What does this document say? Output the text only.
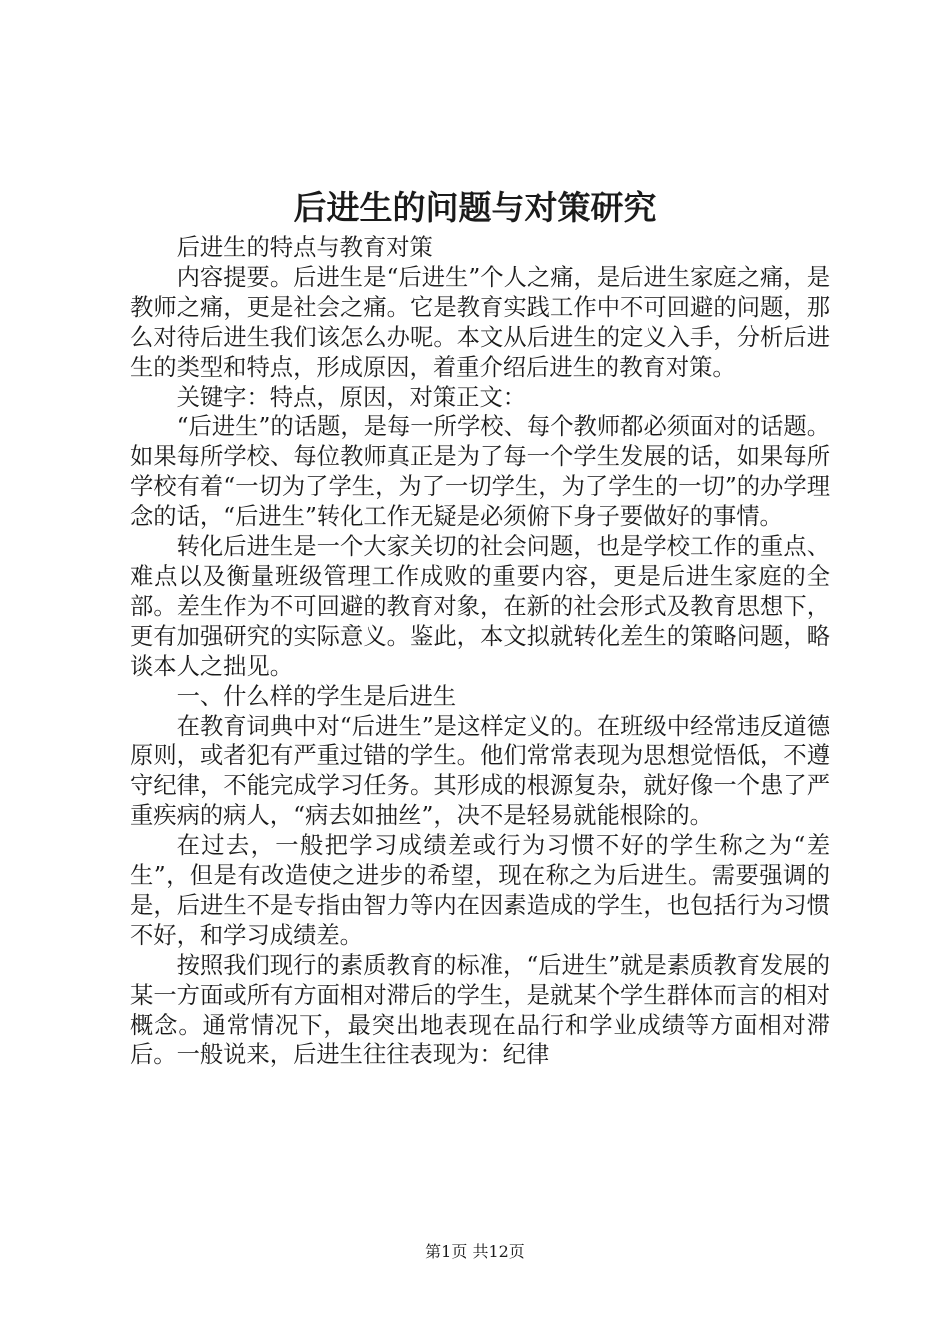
后进生的问题与对策研究

后进生的特点与教育对策

内容提要。后进生是“后进生”个人之痛，是后进生家庭之痛，是教师之痛，更是社会之痛。它是教育实践工作中不可回避的问题，那么对待后进生我们该怎么办呢。本文从后进生的定义入手，分析后进生的类型和特点，形成原因，着重介绍后进生的教育对策。

关键字：特点，原因，对策正文：

“后进生”的话题，是每一所学校、每个教师都必须面对的话题。如果每所学校、每位教师真正是为了每一个学生发展的话，如果每所学校有着“一切为了学生，为了一切学生，为了学生的一切”的办学理念的话，“后进生”转化工作无疑是必须俯下身子要做好的事情。

转化后进生是一个大家关切的社会问题，也是学校工作的重点、难点以及衡量班级管理工作成败的重要内容，更是后进生家庭的全部。差生作为不可回避的教育对象，在新的社会形式及教育思想下，更有加强研究的实际意义。鉴此，本文拟就转化差生的策略问题，略谈本人之拙见。

一、什么样的学生是后进生

在教育词典中对“后进生”是这样定义的。在班级中经常违反道德原则，或者犯有严重过错的学生。他们常常表现为思想觉悟低，不遵守纪律，不能完成学习任务。其形成的根源复杂，就好像一个患了严重疾病的病人，“病去如抽丝”，决不是轻易就能根除的。

在过去，一般把学习成绩差或行为习惯不好的学生称之为“差生”，但是有改造使之进步的希望，现在称之为后进生。需要强调的是，后进生不是专指由智力等内在因素造成的学生，也包括行为习惯不好，和学习成绩差。

按照我们现行的素质教育的标准，“后进生”就是素质教育发展的某一方面或所有方面相对滞后的学生，是就某个学生群体而言的相对概念。通常情况下，最突出地表现在品行和学业成绩等方面相对滞后。一般说来，后进生往往表现为：纪律

第1页 共12页
